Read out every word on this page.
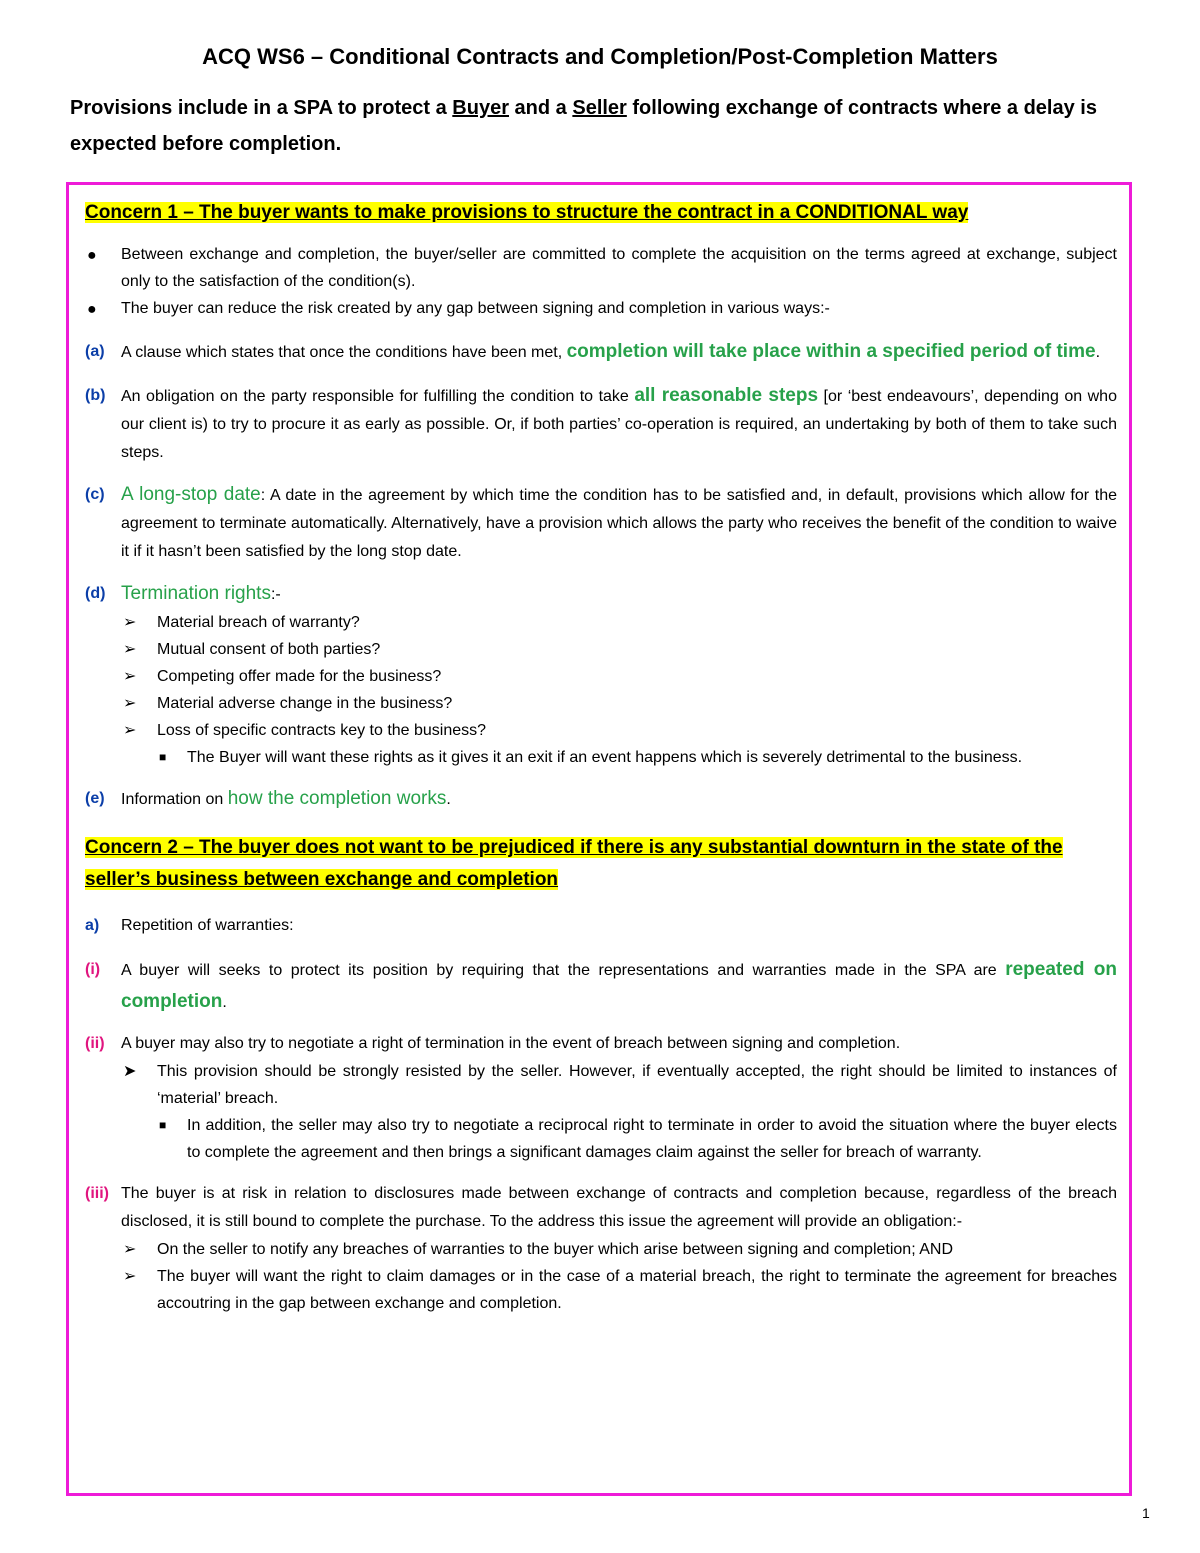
ACQ WS6 – Conditional Contracts and Completion/Post-Completion Matters

Provisions include in a SPA to protect a Buyer and a Seller following exchange of contracts where a delay is expected before completion.

Concern 1 – The buyer wants to make provisions to structure the contract in a CONDITIONAL way

● Between exchange and completion, the buyer/seller are committed to complete the acquisition on the terms agreed at exchange, subject only to the satisfaction of the condition(s).

● The buyer can reduce the risk created by any gap between signing and completion in various ways:-

(a) A clause which states that once the conditions have been met, completion will take place within a specified period of time.

(b) An obligation on the party responsible for fulfilling the condition to take all reasonable steps [or ‘best endeavours’, depending on who our client is) to try to procure it as early as possible. Or, if both parties’ co-operation is required, an undertaking by both of them to take such steps.

(c) A long-stop date: A date in the agreement by which time the condition has to be satisfied and, in default, provisions which allow for the agreement to terminate automatically. Alternatively, have a provision which allows the party who receives the benefit of the condition to waive it if it hasn’t been satisfied by the long stop date.

(d) Termination rights:-

➢ Material breach of warranty?

➢ Mutual consent of both parties?

➢ Competing offer made for the business?

➢ Material adverse change in the business?

➢ Loss of specific contracts key to the business?

■ The Buyer will want these rights as it gives it an exit if an event happens which is severely detrimental to the business.

(e) Information on how the completion works.

Concern 2 – The buyer does not want to be prejudiced if there is any substantial downturn in the state of the seller’s business between exchange and completion

a) Repetition of warranties:

(i) A buyer will seeks to protect its position by requiring that the representations and warranties made in the SPA are repeated on completion.

(ii) A buyer may also try to negotiate a right of termination in the event of breach between signing and completion.

➤ This provision should be strongly resisted by the seller. However, if eventually accepted, the right should be limited to instances of ‘material’ breach.

■ In addition, the seller may also try to negotiate a reciprocal right to terminate in order to avoid the situation where the buyer elects to complete the agreement and then brings a significant damages claim against the seller for breach of warranty.

(iii) The buyer is at risk in relation to disclosures made between exchange of contracts and completion because, regardless of the breach disclosed, it is still bound to complete the purchase. To the address this issue the agreement will provide an obligation:-

➢ On the seller to notify any breaches of warranties to the buyer which arise between signing and completion; AND

➢ The buyer will want the right to claim damages or in the case of a material breach, the right to terminate the agreement for breaches accoutring in the gap between exchange and completion.

1
